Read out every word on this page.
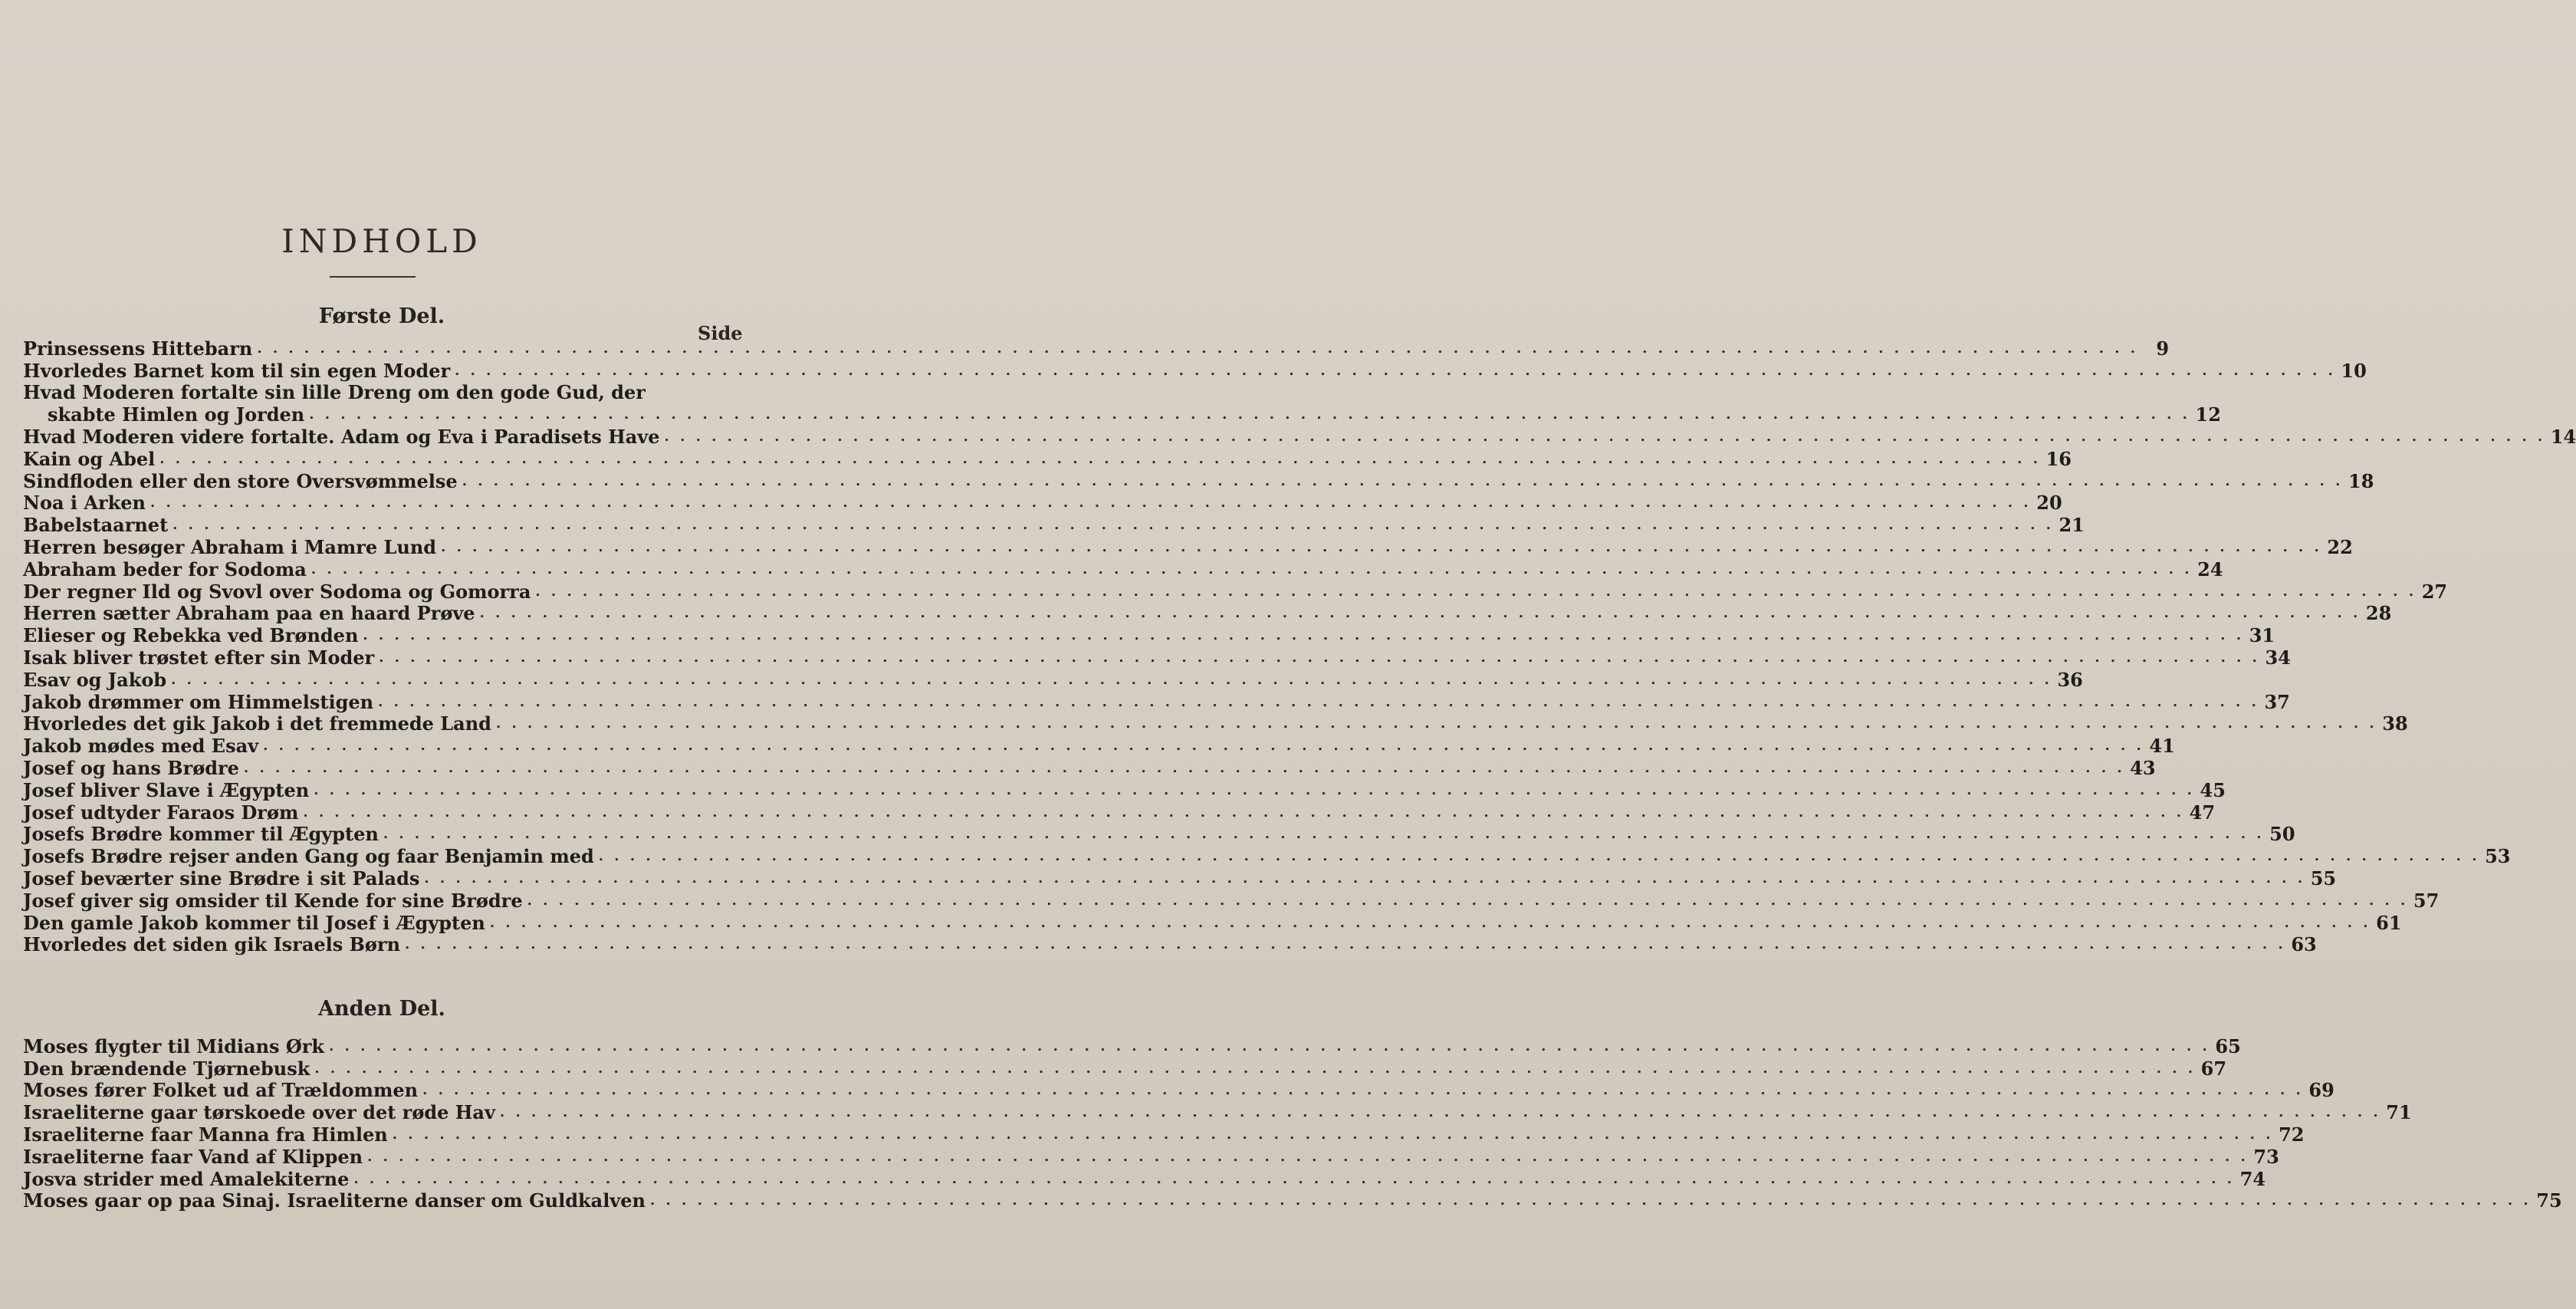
INDHOLD
Første Del.
Side
Prinsessens Hittebarn . . . . . . . . . . . . . . . . . . . . . . . . . . . . . . . . . . . . . . . . . . . . . . . . . . . . . . . . . . . . . . . . . . . . . . . . . . . . . . . . . . . . . . . . . . . . . . . . . . . . . . . . . . . . . . . . . . . . . . . . 9
Hvorledes Barnet kom til sin egen Moder . . . . . . . . . . . . . . . . . . . . . . . . . . . . . . . . . . . . . . . . . . . . . . . . . . . . . . . . . . . . . . . . . . . . . . . . . . . . . . . . . . . . . . . . . . . . . . . . . . . . . . . . . . . . . . . . . . . . . . . . 10
Hvad Moderen fortalte sin lille Dreng om den gode Gud, der
skabte Himlen og Jorden . . . . . . . . . . . . . . . . . . . . . . . . . . . . . . . . . . . . . . . . . . . . . . . . . . . . . . . . . . . . . . . . . . . . . . . . . . . . . . . . . . . . . . . . . . . . . . . . . . . . . . . . . . . . . . . . . . . . . . . . 12
Hvad Moderen videre fortalte. Adam og Eva i Paradisets Have . . . . . . . . . . . . . . . . . . . . . . . . . . . . . . . . . . . . . . . . . . . . . . . . . . . . . . . . . . . . . . . . . . . . . . . . . . . . . . . . . . . . . . . . . . . . . . . . . . . . . . . . . . . . . . . . . . . . . . . . 14
Kain og Abel . . . . . . . . . . . . . . . . . . . . . . . . . . . . . . . . . . . . . . . . . . . . . . . . . . . . . . . . . . . . . . . . . . . . . . . . . . . . . . . . . . . . . . . . . . . . . . . . . . . . . . . . . . . . . . . . . . . . . . . . 16
Sindfloden eller den store Oversvømmelse . . . . . . . . . . . . . . . . . . . . . . . . . . . . . . . . . . . . . . . . . . . . . . . . . . . . . . . . . . . . . . . . . . . . . . . . . . . . . . . . . . . . . . . . . . . . . . . . . . . . . . . . . . . . . . . . . . . . . . . . 18
Noa i Arken . . . . . . . . . . . . . . . . . . . . . . . . . . . . . . . . . . . . . . . . . . . . . . . . . . . . . . . . . . . . . . . . . . . . . . . . . . . . . . . . . . . . . . . . . . . . . . . . . . . . . . . . . . . . . . . . . . . . . . . . 20
Babelstaarnet . . . . . . . . . . . . . . . . . . . . . . . . . . . . . . . . . . . . . . . . . . . . . . . . . . . . . . . . . . . . . . . . . . . . . . . . . . . . . . . . . . . . . . . . . . . . . . . . . . . . . . . . . . . . . . . . . . . . . . . . 21
Herren besøger Abraham i Mamre Lund . . . . . . . . . . . . . . . . . . . . . . . . . . . . . . . . . . . . . . . . . . . . . . . . . . . . . . . . . . . . . . . . . . . . . . . . . . . . . . . . . . . . . . . . . . . . . . . . . . . . . . . . . . . . . . . . . . . . . . . . 22
Abraham beder for Sodoma . . . . . . . . . . . . . . . . . . . . . . . . . . . . . . . . . . . . . . . . . . . . . . . . . . . . . . . . . . . . . . . . . . . . . . . . . . . . . . . . . . . . . . . . . . . . . . . . . . . . . . . . . . . . . . . . . . . . . . . . 24
Der regner Ild og Svovl over Sodoma og Gomorra . . . . . . . . . . . . . . . . . . . . . . . . . . . . . . . . . . . . . . . . . . . . . . . . . . . . . . . . . . . . . . . . . . . . . . . . . . . . . . . . . . . . . . . . . . . . . . . . . . . . . . . . . . . . . . . . . . . . . . . . 27
Herren sætter Abraham paa en haard Prøve . . . . . . . . . . . . . . . . . . . . . . . . . . . . . . . . . . . . . . . . . . . . . . . . . . . . . . . . . . . . . . . . . . . . . . . . . . . . . . . . . . . . . . . . . . . . . . . . . . . . . . . . . . . . . . . . . . . . . . . . 28
Elieser og Rebekka ved Brønden . . . . . . . . . . . . . . . . . . . . . . . . . . . . . . . . . . . . . . . . . . . . . . . . . . . . . . . . . . . . . . . . . . . . . . . . . . . . . . . . . . . . . . . . . . . . . . . . . . . . . . . . . . . . . . . . . . . . . . . . 31
Isak bliver trøstet efter sin Moder . . . . . . . . . . . . . . . . . . . . . . . . . . . . . . . . . . . . . . . . . . . . . . . . . . . . . . . . . . . . . . . . . . . . . . . . . . . . . . . . . . . . . . . . . . . . . . . . . . . . . . . . . . . . . . . . . . . . . . . . 34
Esav og Jakob . . . . . . . . . . . . . . . . . . . . . . . . . . . . . . . . . . . . . . . . . . . . . . . . . . . . . . . . . . . . . . . . . . . . . . . . . . . . . . . . . . . . . . . . . . . . . . . . . . . . . . . . . . . . . . . . . . . . . . . . 36
Jakob drømmer om Himmelstigen . . . . . . . . . . . . . . . . . . . . . . . . . . . . . . . . . . . . . . . . . . . . . . . . . . . . . . . . . . . . . . . . . . . . . . . . . . . . . . . . . . . . . . . . . . . . . . . . . . . . . . . . . . . . . . . . . . . . . . . . 37
Hvorledes det gik Jakob i det fremmede Land . . . . . . . . . . . . . . . . . . . . . . . . . . . . . . . . . . . . . . . . . . . . . . . . . . . . . . . . . . . . . . . . . . . . . . . . . . . . . . . . . . . . . . . . . . . . . . . . . . . . . . . . . . . . . . . . . . . . . . . . 38
Jakob mødes med Esav . . . . . . . . . . . . . . . . . . . . . . . . . . . . . . . . . . . . . . . . . . . . . . . . . . . . . . . . . . . . . . . . . . . . . . . . . . . . . . . . . . . . . . . . . . . . . . . . . . . . . . . . . . . . . . . . . . . . . . . . 41
Josef og hans Brødre . . . . . . . . . . . . . . . . . . . . . . . . . . . . . . . . . . . . . . . . . . . . . . . . . . . . . . . . . . . . . . . . . . . . . . . . . . . . . . . . . . . . . . . . . . . . . . . . . . . . . . . . . . . . . . . . . . . . . . . . 43
Josef bliver Slave i Ægypten . . . . . . . . . . . . . . . . . . . . . . . . . . . . . . . . . . . . . . . . . . . . . . . . . . . . . . . . . . . . . . . . . . . . . . . . . . . . . . . . . . . . . . . . . . . . . . . . . . . . . . . . . . . . . . . . . . . . . . . . 45
Josef udtyder Faraos Drøm . . . . . . . . . . . . . . . . . . . . . . . . . . . . . . . . . . . . . . . . . . . . . . . . . . . . . . . . . . . . . . . . . . . . . . . . . . . . . . . . . . . . . . . . . . . . . . . . . . . . . . . . . . . . . . . . . . . . . . . . 47
Josefs Brødre kommer til Ægypten . . . . . . . . . . . . . . . . . . . . . . . . . . . . . . . . . . . . . . . . . . . . . . . . . . . . . . . . . . . . . . . . . . . . . . . . . . . . . . . . . . . . . . . . . . . . . . . . . . . . . . . . . . . . . . . . . . . . . . . . 50
Josefs Brødre rejser anden Gang og faar Benjamin med . . . . . . . . . . . . . . . . . . . . . . . . . . . . . . . . . . . . . . . . . . . . . . . . . . . . . . . . . . . . . . . . . . . . . . . . . . . . . . . . . . . . . . . . . . . . . . . . . . . . . . . . . . . . . . . . . . . . . . . . 53
Josef beværter sine Brødre i sit Palads . . . . . . . . . . . . . . . . . . . . . . . . . . . . . . . . . . . . . . . . . . . . . . . . . . . . . . . . . . . . . . . . . . . . . . . . . . . . . . . . . . . . . . . . . . . . . . . . . . . . . . . . . . . . . . . . . . . . . . . . 55
Josef giver sig omsider til Kende for sine Brødre . . . . . . . . . . . . . . . . . . . . . . . . . . . . . . . . . . . . . . . . . . . . . . . . . . . . . . . . . . . . . . . . . . . . . . . . . . . . . . . . . . . . . . . . . . . . . . . . . . . . . . . . . . . . . . . . . . . . . . . . 57
Den gamle Jakob kommer til Josef i Ægypten . . . . . . . . . . . . . . . . . . . . . . . . . . . . . . . . . . . . . . . . . . . . . . . . . . . . . . . . . . . . . . . . . . . . . . . . . . . . . . . . . . . . . . . . . . . . . . . . . . . . . . . . . . . . . . . . . . . . . . . . 61
Hvorledes det siden gik Israels Børn . . . . . . . . . . . . . . . . . . . . . . . . . . . . . . . . . . . . . . . . . . . . . . . . . . . . . . . . . . . . . . . . . . . . . . . . . . . . . . . . . . . . . . . . . . . . . . . . . . . . . . . . . . . . . . . . . . . . . . . . 63
Anden Del.
Moses flygter til Midians Ørk . . . . . . . . . . . . . . . . . . . . . . . . . . . . . . . . . . . . . . . . . . . . . . . . . . . . . . . . . . . . . . . . . . . . . . . . . . . . . . . . . . . . . . . . . . . . . . . . . . . . . . . . . . . . . . . . . . . . . . . . 65
Den brændende Tjørnebusk . . . . . . . . . . . . . . . . . . . . . . . . . . . . . . . . . . . . . . . . . . . . . . . . . . . . . . . . . . . . . . . . . . . . . . . . . . . . . . . . . . . . . . . . . . . . . . . . . . . . . . . . . . . . . . . . . . . . . . . . 67
Moses fører Folket ud af Trældommen . . . . . . . . . . . . . . . . . . . . . . . . . . . . . . . . . . . . . . . . . . . . . . . . . . . . . . . . . . . . . . . . . . . . . . . . . . . . . . . . . . . . . . . . . . . . . . . . . . . . . . . . . . . . . . . . . . . . . . . . 69
Israeliterne gaar tørskoede over det røde Hav . . . . . . . . . . . . . . . . . . . . . . . . . . . . . . . . . . . . . . . . . . . . . . . . . . . . . . . . . . . . . . . . . . . . . . . . . . . . . . . . . . . . . . . . . . . . . . . . . . . . . . . . . . . . . . . . . . . . . . . . 71
Israeliterne faar Manna fra Himlen . . . . . . . . . . . . . . . . . . . . . . . . . . . . . . . . . . . . . . . . . . . . . . . . . . . . . . . . . . . . . . . . . . . . . . . . . . . . . . . . . . . . . . . . . . . . . . . . . . . . . . . . . . . . . . . . . . . . . . . . 72
Israeliterne faar Vand af Klippen . . . . . . . . . . . . . . . . . . . . . . . . . . . . . . . . . . . . . . . . . . . . . . . . . . . . . . . . . . . . . . . . . . . . . . . . . . . . . . . . . . . . . . . . . . . . . . . . . . . . . . . . . . . . . . . . . . . . . . . . 73
Josva strider med Amalekiterne . . . . . . . . . . . . . . . . . . . . . . . . . . . . . . . . . . . . . . . . . . . . . . . . . . . . . . . . . . . . . . . . . . . . . . . . . . . . . . . . . . . . . . . . . . . . . . . . . . . . . . . . . . . . . . . . . . . . . . . . 74
Moses gaar op paa Sinaj. Israeliterne danser om Guldkalven . . . . . . . . . . . . . . . . . . . . . . . . . . . . . . . . . . . . . . . . . . . . . . . . . . . . . . . . . . . . . . . . . . . . . . . . . . . . . . . . . . . . . . . . . . . . . . . . . . . . . . . . . . . . . . . . . . . . . . . . 75
